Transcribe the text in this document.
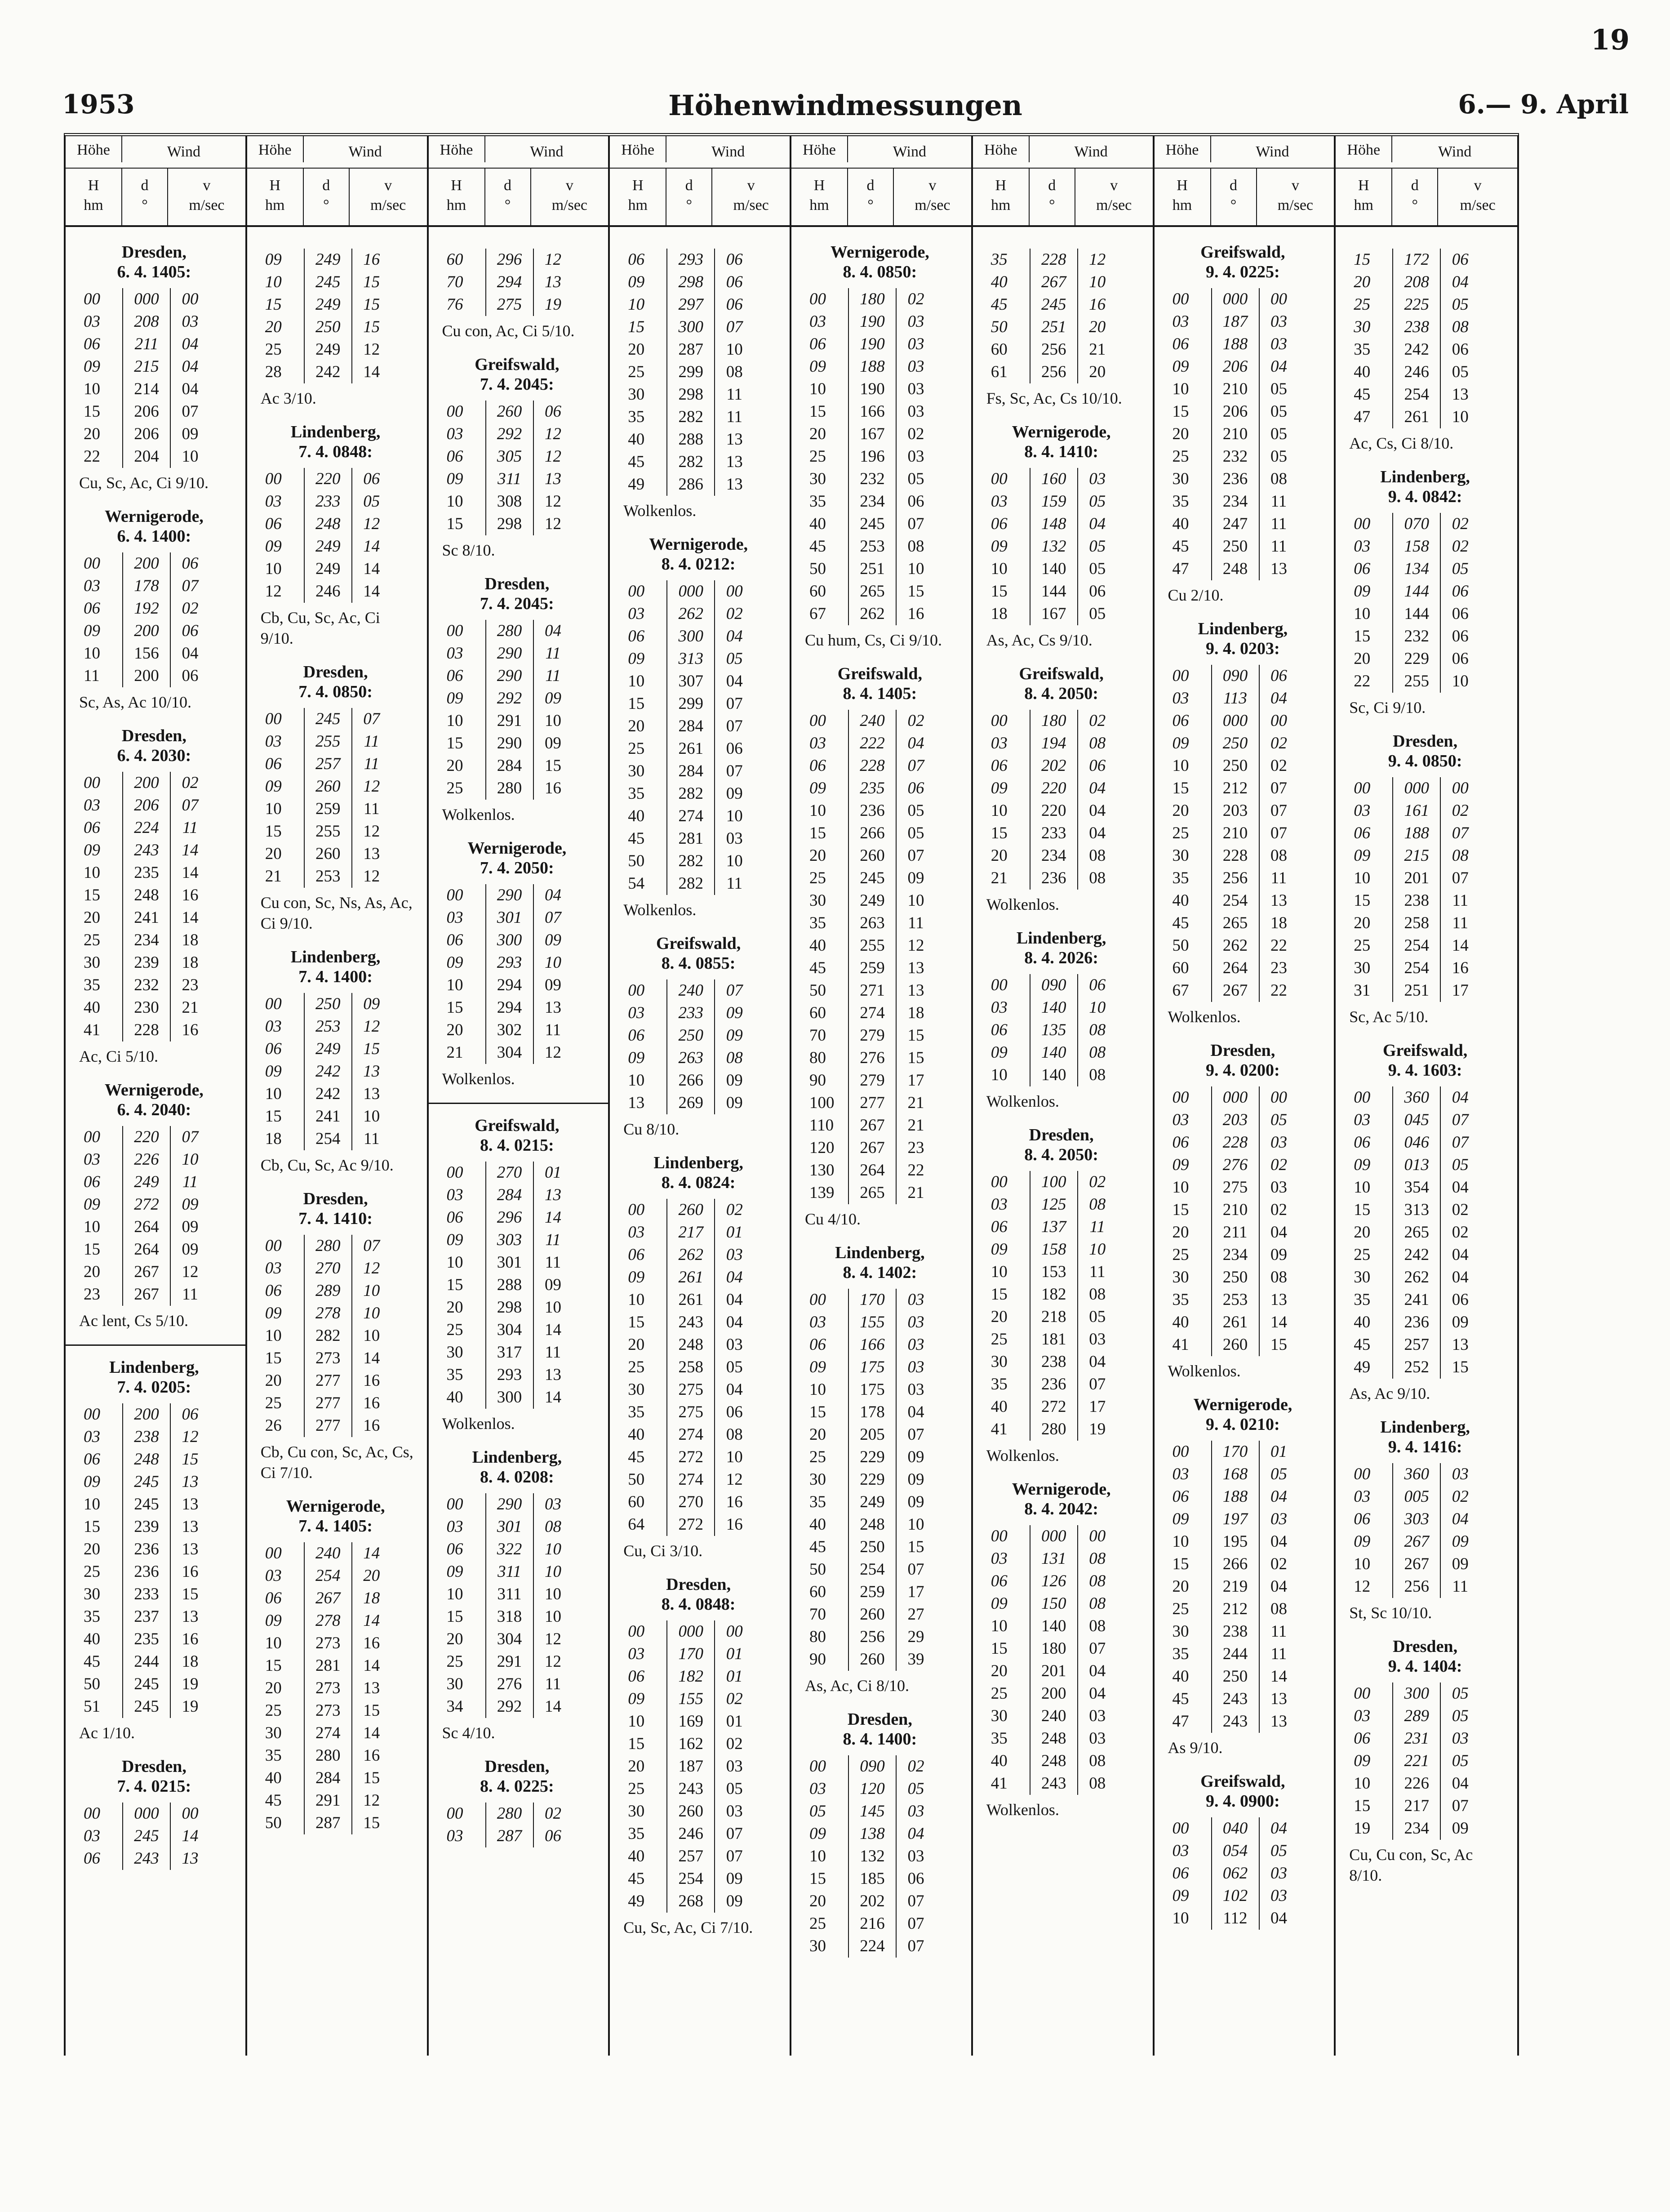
19
1953	Höhenwindmessungen	6.— 9. April
Höhe	Wind
H
hm
d
°
v
m/sec
Dresden,
6. 4. 1405:
00	000	00
03	208	03
06	211	04
09	215	04
10	214	04
15	206	07
20	206	09
22	204	10
Cu, Sc, Ac, Ci 9/10.
Wernigerode,
6. 4. 1400:
00	200	06
03	178	07
06	192	02
09	200	06
10	156	04
11	200	06
Sc, As, Ac 10/10.
Dresden,
6. 4. 2030:
00	200	02
03	206	07
06	224	11
09	243	14
10	235	14
15	248	16
20	241	14
25	234	18
30	239	18
35	232	23
40	230	21
41	228	16
Ac, Ci 5/10.
Wernigerode,
6. 4. 2040:
00	220	07
03	226	10
06	249	11
09	272	09
10	264	09
15	264	09
20	267	12
23	267	11
Ac lent, Cs 5/10.
Lindenberg,
7. 4. 0205:
00	200	06
03	238	12
06	248	15
09	245	13
10	245	13
15	239	13
20	236	13
25	236	16
30	233	15
35	237	13
40	235	16
45	244	18
50	245	19
51	245	19
Ac 1/10.
Dresden,
7. 4. 0215:
00	000	00
03	245	14
06	243	13
Höhe	Wind
H
hm
d
°
v
m/sec
09	249	16
10	245	15
15	249	15
20	250	15
25	249	12
28	242	14
Ac 3/10.
Lindenberg,
7. 4. 0848:
00	220	06
03	233	05
06	248	12
09	249	14
10	249	14
12	246	14
Cb, Cu, Sc, Ac, Ci 9/10.
Dresden,
7. 4. 0850:
00	245	07
03	255	11
06	257	11
09	260	12
10	259	11
15	255	12
20	260	13
21	253	12
Cu con, Sc, Ns, As, Ac, Ci 9/10.
Lindenberg,
7. 4. 1400:
00	250	09
03	253	12
06	249	15
09	242	13
10	242	13
15	241	10
18	254	11
Cb, Cu, Sc, Ac 9/10.
Dresden,
7. 4. 1410:
00	280	07
03	270	12
06	289	10
09	278	10
10	282	10
15	273	14
20	277	16
25	277	16
26	277	16
Cb, Cu con, Sc, Ac, Cs, Ci 7/10.
Wernigerode,
7. 4. 1405:
00	240	14
03	254	20
06	267	18
09	278	14
10	273	16
15	281	14
20	273	13
25	273	15
30	274	14
35	280	16
40	284	15
45	291	12
50	287	15
Höhe	Wind
H
hm
d
°
v
m/sec
60	296	12
70	294	13
76	275	19
Cu con, Ac, Ci 5/10.
Greifswald,
7. 4. 2045:
00	260	06
03	292	12
06	305	12
09	311	13
10	308	12
15	298	12
Sc 8/10.
Dresden,
7. 4. 2045:
00	280	04
03	290	11
06	290	11
09	292	09
10	291	10
15	290	09
20	284	15
25	280	16
Wolkenlos.
Wernigerode,
7. 4. 2050:
00	290	04
03	301	07
06	300	09
09	293	10
10	294	09
15	294	13
20	302	11
21	304	12
Wolkenlos.
Greifswald,
8. 4. 0215:
00	270	01
03	284	13
06	296	14
09	303	11
10	301	11
15	288	09
20	298	10
25	304	14
30	317	11
35	293	13
40	300	14
Wolkenlos.
Lindenberg,
8. 4. 0208:
00	290	03
03	301	08
06	322	10
09	311	10
10	311	10
15	318	10
20	304	12
25	291	12
30	276	11
34	292	14
Sc 4/10.
Dresden,
8. 4. 0225:
00	280	02
03	287	06
Höhe	Wind
H
hm
d
°
v
m/sec
06	293	06
09	298	06
10	297	06
15	300	07
20	287	10
25	299	08
30	298	11
35	282	11
40	288	13
45	282	13
49	286	13
Wolkenlos.
Wernigerode,
8. 4. 0212:
00	000	00
03	262	02
06	300	04
09	313	05
10	307	04
15	299	07
20	284	07
25	261	06
30	284	07
35	282	09
40	274	10
45	281	03
50	282	10
54	282	11
Wolkenlos.
Greifswald,
8. 4. 0855:
00	240	07
03	233	09
06	250	09
09	263	08
10	266	09
13	269	09
Cu 8/10.
Lindenberg,
8. 4. 0824:
00	260	02
03	217	01
06	262	03
09	261	04
10	261	04
15	243	04
20	248	03
25	258	05
30	275	04
35	275	06
40	274	08
45	272	10
50	274	12
60	270	16
64	272	16
Cu, Ci 3/10.
Dresden,
8. 4. 0848:
00	000	00
03	170	01
06	182	01
09	155	02
10	169	01
15	162	02
20	187	03
25	243	05
30	260	03
35	246	07
40	257	07
45	254	09
49	268	09
Cu, Sc, Ac, Ci 7/10.
Höhe	Wind
H
hm
d
°
v
m/sec
Wernigerode,
8. 4. 0850:
00	180	02
03	190	03
06	190	03
09	188	03
10	190	03
15	166	03
20	167	02
25	196	03
30	232	05
35	234	06
40	245	07
45	253	08
50	251	10
60	265	15
67	262	16
Cu hum, Cs, Ci 9/10.
Greifswald,
8. 4. 1405:
00	240	02
03	222	04
06	228	07
09	235	06
10	236	05
15	266	05
20	260	07
25	245	09
30	249	10
35	263	11
40	255	12
45	259	13
50	271	13
60	274	18
70	279	15
80	276	15
90	279	17
100	277	21
110	267	21
120	267	23
130	264	22
139	265	21
Cu 4/10.
Lindenberg,
8. 4. 1402:
00	170	03
03	155	03
06	166	03
09	175	03
10	175	03
15	178	04
20	205	07
25	229	09
30	229	09
35	249	09
40	248	10
45	250	15
50	254	07
60	259	17
70	260	27
80	256	29
90	260	39
As, Ac, Ci 8/10.
Dresden,
8. 4. 1400:
00	090	02
03	120	05
05	145	03
09	138	04
10	132	03
15	185	06
20	202	07
25	216	07
30	224	07
Höhe	Wind
H
hm
d
°
v
m/sec
35	228	12
40	267	10
45	245	16
50	251	20
60	256	21
61	256	20
Fs, Sc, Ac, Cs 10/10.
Wernigerode,
8. 4. 1410:
00	160	03
03	159	05
06	148	04
09	132	05
10	140	05
15	144	06
18	167	05
As, Ac, Cs 9/10.
Greifswald,
8. 4. 2050:
00	180	02
03	194	08
06	202	06
09	220	04
10	220	04
15	233	04
20	234	08
21	236	08
Wolkenlos.
Lindenberg,
8. 4. 2026:
00	090	06
03	140	10
06	135	08
09	140	08
10	140	08
Wolkenlos.
Dresden,
8. 4. 2050:
00	100	02
03	125	08
06	137	11
09	158	10
10	153	11
15	182	08
20	218	05
25	181	03
30	238	04
35	236	07
40	272	17
41	280	19
Wolkenlos.
Wernigerode,
8. 4. 2042:
00	000	00
03	131	08
06	126	08
09	150	08
10	140	08
15	180	07
20	201	04
25	200	04
30	240	03
35	248	03
40	248	08
41	243	08
Wolkenlos.
Höhe	Wind
H
hm
d
°
v
m/sec
Greifswald,
9. 4. 0225:
00	000	00
03	187	03
06	188	03
09	206	04
10	210	05
15	206	05
20	210	05
25	232	05
30	236	08
35	234	11
40	247	11
45	250	11
47	248	13
Cu 2/10.
Lindenberg,
9. 4. 0203:
00	090	06
03	113	04
06	000	00
09	250	02
10	250	02
15	212	07
20	203	07
25	210	07
30	228	08
35	256	11
40	254	13
45	265	18
50	262	22
60	264	23
67	267	22
Wolkenlos.
Dresden,
9. 4. 0200:
00	000	00
03	203	05
06	228	03
09	276	02
10	275	03
15	210	02
20	211	04
25	234	09
30	250	08
35	253	13
40	261	14
41	260	15
Wolkenlos.
Wernigerode,
9. 4. 0210:
00	170	01
03	168	05
06	188	04
09	197	03
10	195	04
15	266	02
20	219	04
25	212	08
30	238	11
35	244	11
40	250	14
45	243	13
47	243	13
As 9/10.
Greifswald,
9. 4. 0900:
00	040	04
03	054	05
06	062	03
09	102	03
10	112	04
Höhe	Wind
H
hm
d
°
v
m/sec
15	172	06
20	208	04
25	225	05
30	238	08
35	242	06
40	246	05
45	254	13
47	261	10
Ac, Cs, Ci 8/10.
Lindenberg,
9. 4. 0842:
00	070	02
03	158	02
06	134	05
09	144	06
10	144	06
15	232	06
20	229	06
22	255	10
Sc, Ci 9/10.
Dresden,
9. 4. 0850:
00	000	00
03	161	02
06	188	07
09	215	08
10	201	07
15	238	11
20	258	11
25	254	14
30	254	16
31	251	17
Sc, Ac 5/10.
Greifswald,
9. 4. 1603:
00	360	04
03	045	07
06	046	07
09	013	05
10	354	04
15	313	02
20	265	02
25	242	04
30	262	04
35	241	06
40	236	09
45	257	13
49	252	15
As, Ac 9/10.
Lindenberg,
9. 4. 1416:
00	360	03
03	005	02
06	303	04
09	267	09
10	267	09
12	256	11
St, Sc 10/10.
Dresden,
9. 4. 1404:
00	300	05
03	289	05
06	231	03
09	221	05
10	226	04
15	217	07
19	234	09
Cu, Cu con, Sc, Ac 8/10.
